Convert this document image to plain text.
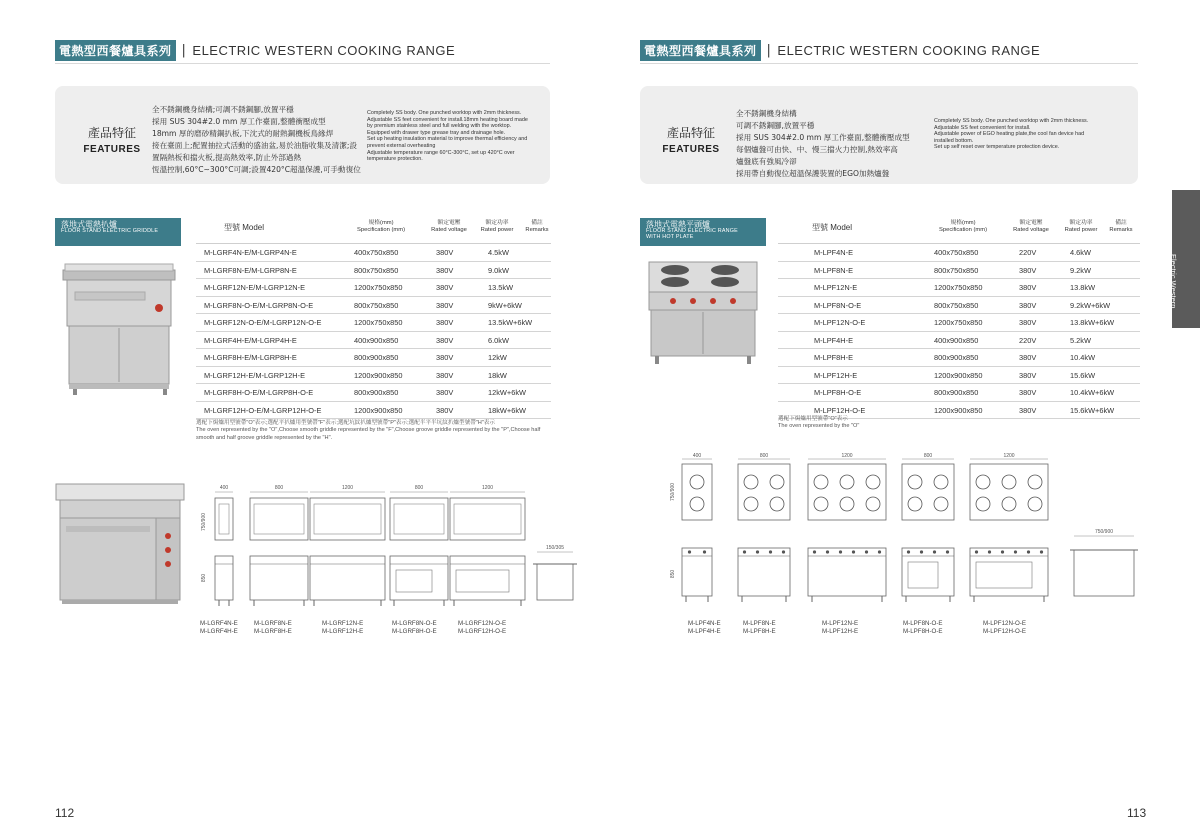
電熱型西餐爐具系列 | ELECTRIC WESTERN COOKING RANGE
產品特征
FEATURES
全不銹鋼機身結構;可調不銹鋼腳,放置平穩
採用 SUS 304#2.0 mm 厚工作臺面,整體衝壓成型
18mm 厚的磨砂精鋼扒板,下沈式的耐熱鋼機板鳥緣焊
接在臺面上;配置抽拉式活動的盛油盆,易於油脂收集及清潔;設
置隔熱板和擋火板,提高熱效率,防止外部過熱
恆溫控制,60°C~300°C可調;設置420°C超溫保護,可手動復位
Completely SS body. One punched worktop with 2mm thickness.
Adjustable SS feet convenient for install.18mm heating board made
by premium stainless steel and full welding with the worktop.
Equipped with drawer type grease tray and drainage hole.
Set up heating insulation material to improve thermal efficiency and
prevent external overheating
Adjustable temperature range 60°C-300°C, set up 420°C over
temperature protection.
落地式電熱扒爐
FLOOR STAND ELECTRIC GRIDDLE	型號 Model	規格(mm)
Specification (mm)
額定電壓
Rated voltage
額定功率
Rated power
備註
Remarks
M-LGRF4N-E/M-LGRP4N-E	400x750x850	380V	4.5kW
M-LGRF8N-E/M-LGRP8N-E	800x750x850	380V	9.0kW
M-LGRF12N-E/M-LGRP12N-E	1200x750x850	380V	13.5kW
M-LGRF8N-O-E/M-LGRP8N-O-E	800x750x850	380V	9kW+6kW
M-LGRF12N-O-E/M-LGRP12N-O-E	1200x750x850	380V	13.5kW+6kW
M-LGRF4H-E/M-LGRP4H-E	400x900x850	380V	6.0kW
M-LGRF8H-E/M-LGRP8H-E	800x900x850	380V	12kW
M-LGRF12H-E/M-LGRP12H-E	1200x900x850	380V	18kW
M-LGRF8H-O-E/M-LGRP8H-O-E	800x900x850	380V	12kW+6kW
M-LGRF12H-O-E/M-LGRP12H-O-E	1200x900x850	380V	18kW+6kW
選配下焗爐用型號帶"O"表示;選配平扒爐用型號帶"F"表示;選配坑紋扒爐型號帶"P"表示;選配半平半坑紋扒爐型號帶"H"表示
The oven represented by the "O",Choose smooth griddle represented by the "F",Choose groove griddle represented by the "P",Choose half
smooth and half groove griddle represented by the "H".
400	800	1200	800	1200
750/900
850
150/305
M-LGRF4N-E
M-LGRF4H-E
M-LGRF8N-E
M-LGRF8H-E
M-LGRF12N-E
M-LGRF12H-E
M-LGRF8N-O-E
M-LGRF8H-O-E
M-LGRF12N-O-E
M-LGRF12H-O-E
112
電熱型西餐爐具系列 | ELECTRIC WESTERN COOKING RANGE
產品特征
FEATURES
全不銹鋼機身結構
可調不銹鋼腳,放置平穩
採用 SUS 304#2.0 mm 厚工作臺面,整體衝壓成型
每個爐盤可由快、中、慢三擋火力控制,熱效率高
爐盤底有強風冷卻
採用帶自動復位超溫保護裝置的EGO加熱爐盤
Completely SS body. One punched worktop with 2mm thickness.
Adjustable SS feet convenient for install.
Adjustable power of EGO heating plate,the cool fan device had
installed bottom.
Set up self reset over temperature protection device.
落地式電熱平頭爐
FLOOR STAND ELECTRIC RANGE
WITH HOT PLATE
型號 Model	規格(mm)
Specification (mm)
額定電壓
Rated voltage
額定功率
Rated power
備註
Remarks
M-LPF4N-E	400x750x850	220V	4.6kW
M-LPF8N-E	800x750x850	380V	9.2kW
M-LPF12N-E	1200x750x850	380V	13.8kW
M-LPF8N-O-E	800x750x850	380V	9.2kW+6kW
M-LPF12N-O-E	1200x750x850	380V	13.8kW+6kW
M-LPF4H-E	400x900x850	220V	5.2kW
M-LPF8H-E	800x900x850	380V	10.4kW
M-LPF12H-E	1200x900x850	380V	15.6kW
M-LPF8H-O-E	800x900x850	380V	10.4kW+6kW
M-LPF12H-O-E	1200x900x850	380V	15.6kW+6kW
選配下焗爐用型號帶"O"表示
The oven represented by the "O"
400	800	1200	800	1200
750/900
850
750/900
M-LPF4N-E
M-LPF4H-E
M-LPF8N-E
M-LPF8H-E
M-LPF12N-E
M-LPF12H-E
M-LPF8N-O-E
M-LPF8H-O-E
M-LPF12N-O-E
M-LPF12H-O-E
113
Electric Western Cooking Range
